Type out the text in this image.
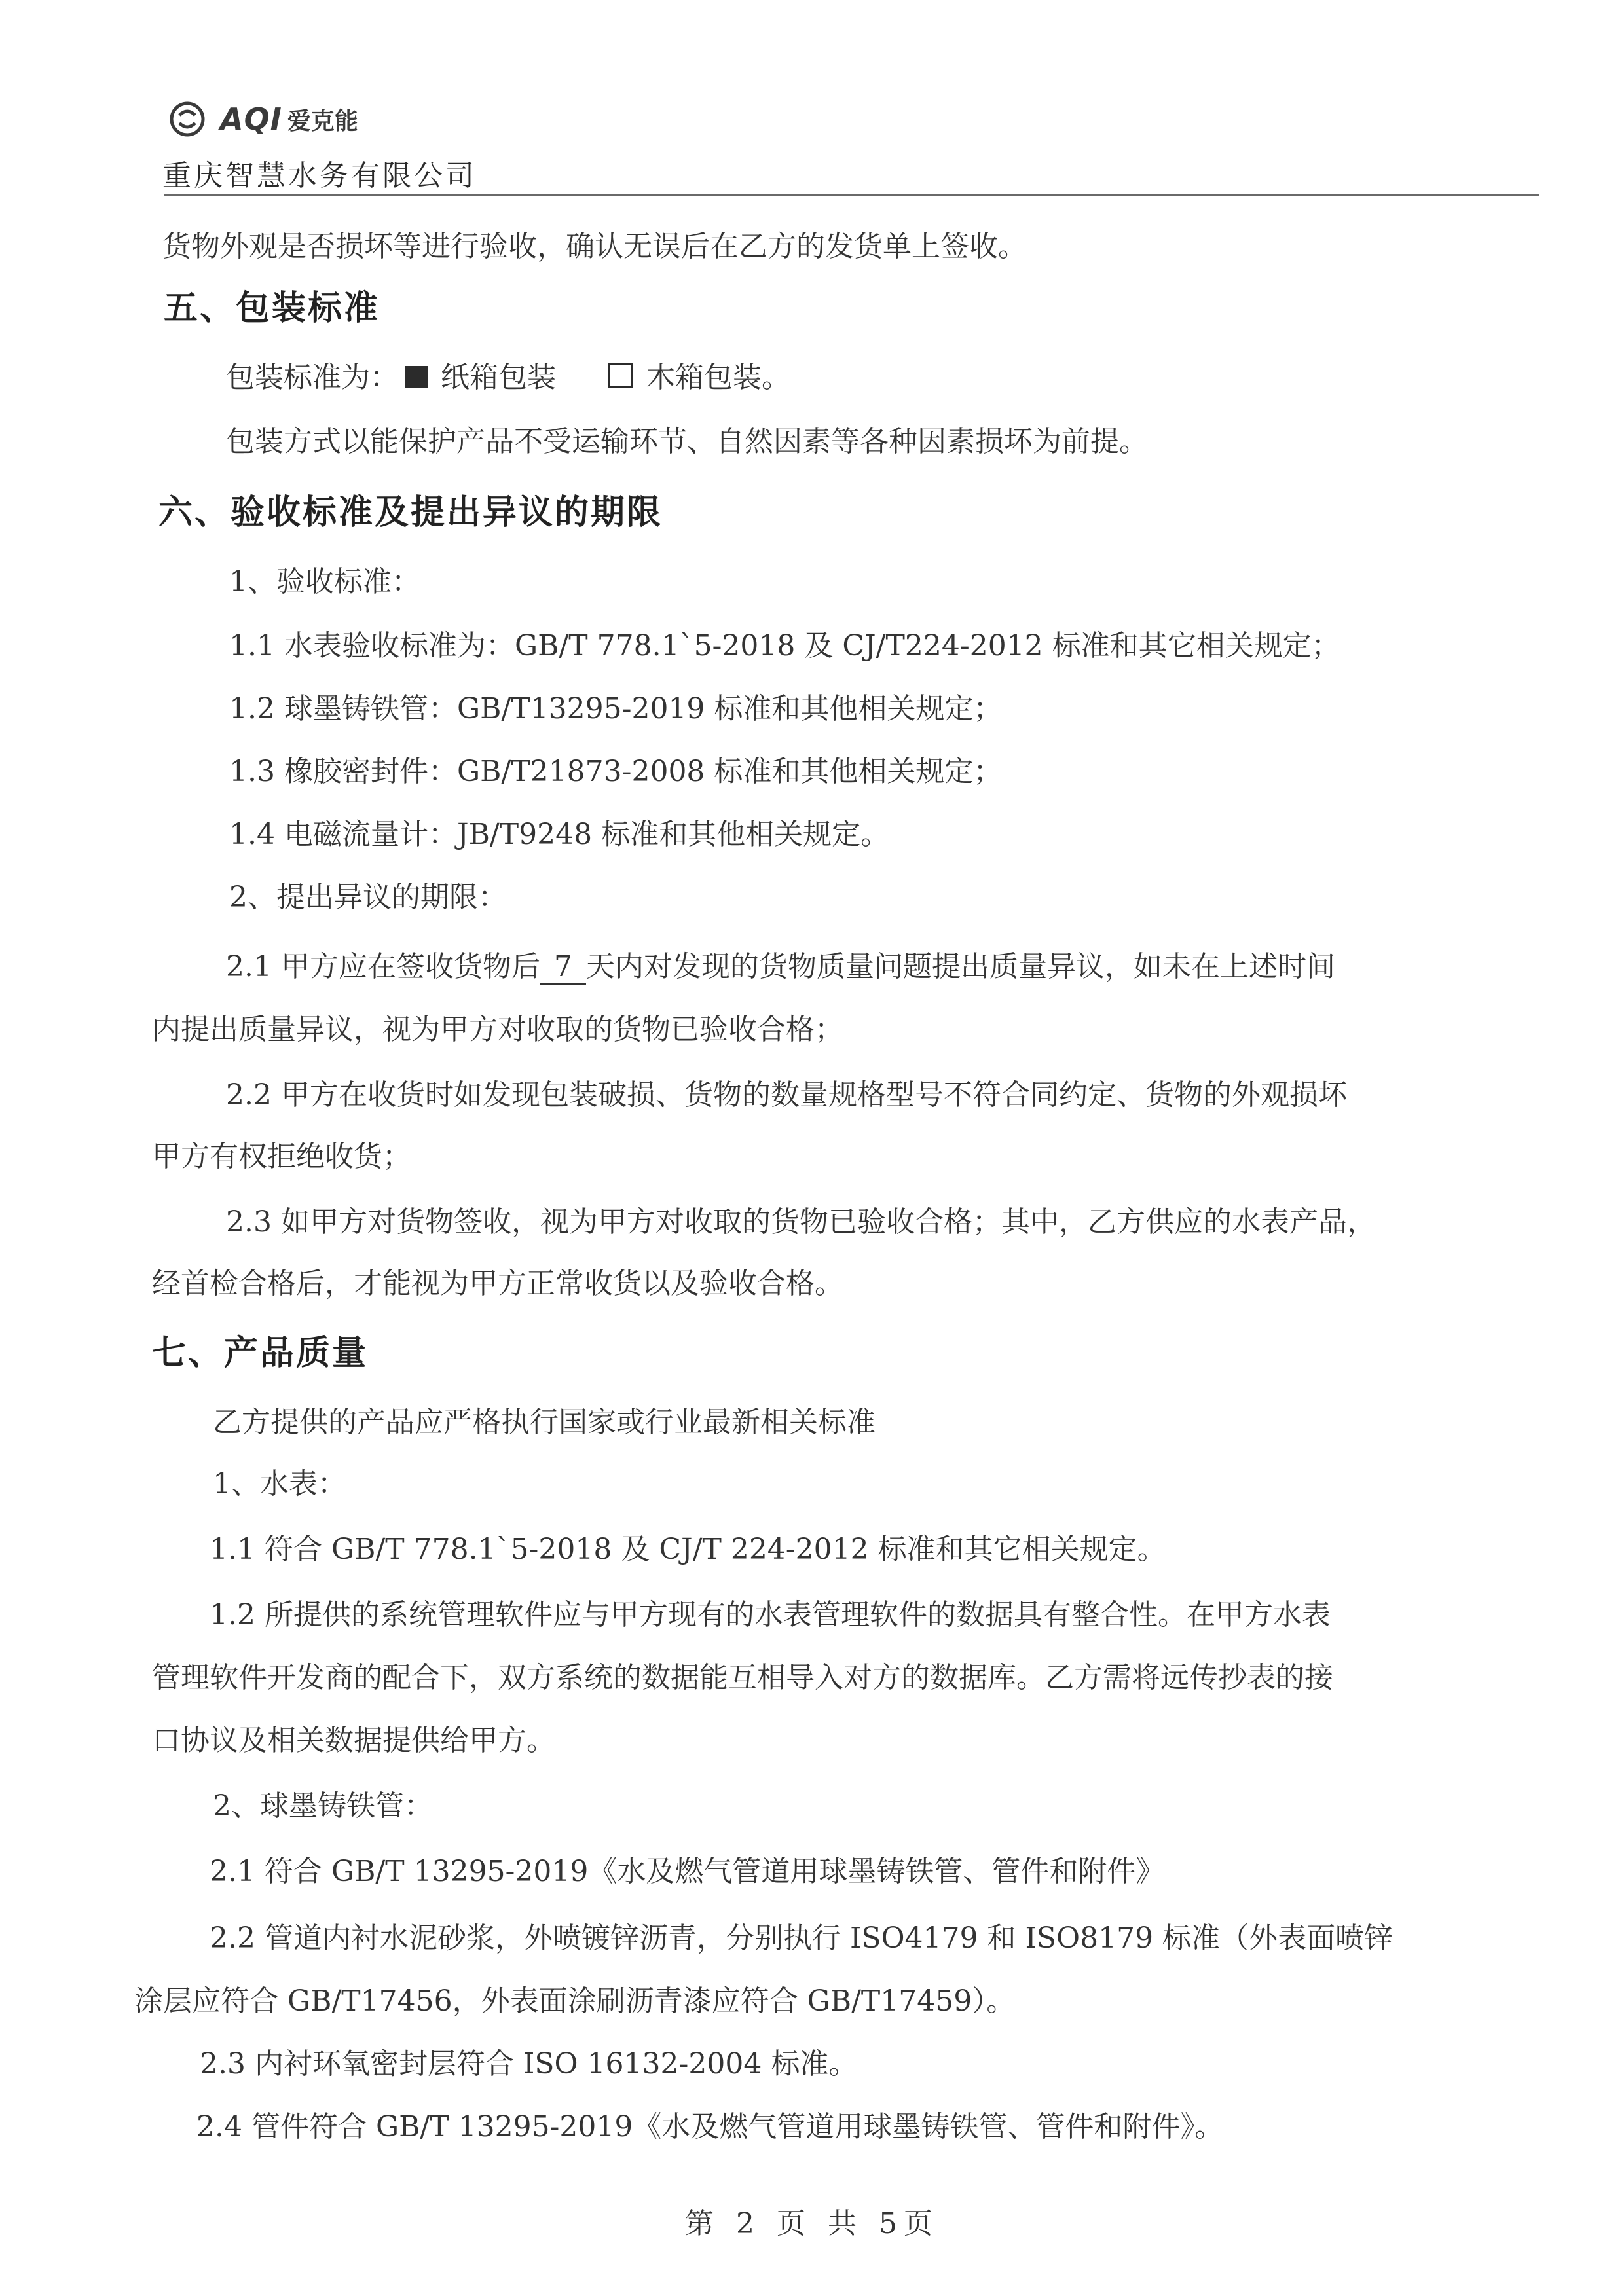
AQI 爱克能
重庆智慧水务有限公司
货物外观是否损坏等进行验收，确认无误后在乙方的发货单上签收。
五、包装标准
包装标准为： 纸箱包装	木箱包装。
包装方式以能保护产品不受运输环节、自然因素等各种因素损坏为前提。
六、验收标准及提出异议的期限
1、验收标准：
1.1 水表验收标准为：GB/T 778.1`5-2018 及 CJ/T224-2012 标准和其它相关规定；
1.2 球墨铸铁管：GB/T13295-2019 标准和其他相关规定；
1.3 橡胶密封件：GB/T21873-2008 标准和其他相关规定；
1.4 电磁流量计：JB/T9248 标准和其他相关规定。
2、提出异议的期限：
2.1 甲方应在签收货物后 7 天内对发现的货物质量问题提出质量异议，如未在上述时间
内提出质量异议，视为甲方对收取的货物已验收合格；
2.2 甲方在收货时如发现包装破损、货物的数量规格型号不符合同约定、货物的外观损坏
甲方有权拒绝收货；
2.3 如甲方对货物签收，视为甲方对收取的货物已验收合格；其中，乙方供应的水表产品，
经首检合格后，才能视为甲方正常收货以及验收合格。
七、产品质量
乙方提供的产品应严格执行国家或行业最新相关标准
1、水表：
1.1 符合 GB/T 778.1`5-2018 及 CJ/T 224-2012 标准和其它相关规定。
1.2 所提供的系统管理软件应与甲方现有的水表管理软件的数据具有整合性。在甲方水表
管理软件开发商的配合下，双方系统的数据能互相导入对方的数据库。乙方需将远传抄表的接
口协议及相关数据提供给甲方。
2、球墨铸铁管：
2.1 符合 GB/T 13295-2019《水及燃气管道用球墨铸铁管、管件和附件》
2.2 管道内衬水泥砂浆，外喷镀锌沥青，分别执行 ISO4179 和 ISO8179 标准（外表面喷锌
涂层应符合 GB/T17456，外表面涂刷沥青漆应符合 GB/T17459）。
2.3 内衬环氧密封层符合 ISO 16132-2004 标准。
2.4 管件符合 GB/T 13295-2019《水及燃气管道用球墨铸铁管、管件和附件》。
第 2 页 共 5页
